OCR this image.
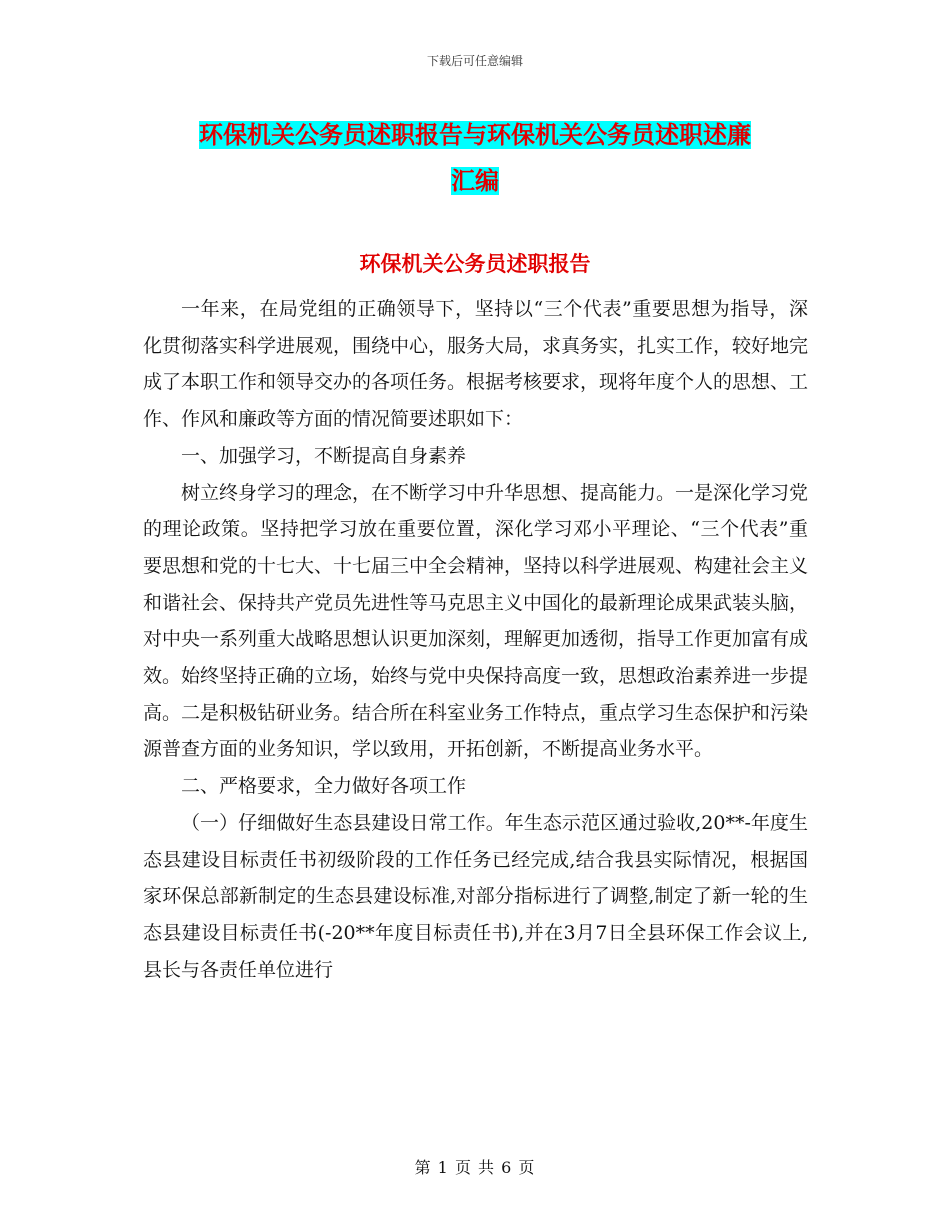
下载后可任意编辑
环保机关公务员述职报告与环保机关公务员述职述廉
汇编
环保机关公务员述职报告

一年来，在局党组的正确领导下，坚持以“三个代表”重要思想为指导，深化贯彻落实科学进展观，围绕中心，服务大局，求真务实，扎实工作，较好地完成了本职工作和领导交办的各项任务。根据考核要求，现将年度个人的思想、工作、作风和廉政等方面的情况简要述职如下：

一、加强学习，不断提高自身素养

树立终身学习的理念，在不断学习中升华思想、提高能力。一是深化学习党的理论政策。坚持把学习放在重要位置，深化学习邓小平理论、“三个代表”重要思想和党的十七大、十七届三中全会精神，坚持以科学进展观、构建社会主义和谐社会、保持共产党员先进性等马克思主义中国化的最新理论成果武装头脑，对中央一系列重大战略思想认识更加深刻，理解更加透彻，指导工作更加富有成效。始终坚持正确的立场，始终与党中央保持高度一致，思想政治素养进一步提高。二是积极钻研业务。结合所在科室业务工作特点，重点学习生态保护和污染源普查方面的业务知识，学以致用，开拓创新，不断提高业务水平。

二、严格要求，全力做好各项工作

（一）仔细做好生态县建设日常工作。年生态示范区通过验收,20**-年度生态县建设目标责任书初级阶段的工作任务已经完成,结合我县实际情况，根据国家环保总部新制定的生态县建设标准,对部分指标进行了调整,制定了新一轮的生态县建设目标责任书(-20**年度目标责任书),并在3月7日全县环保工作会议上,县长与各责任单位进行

第 1 页 共 6 页
